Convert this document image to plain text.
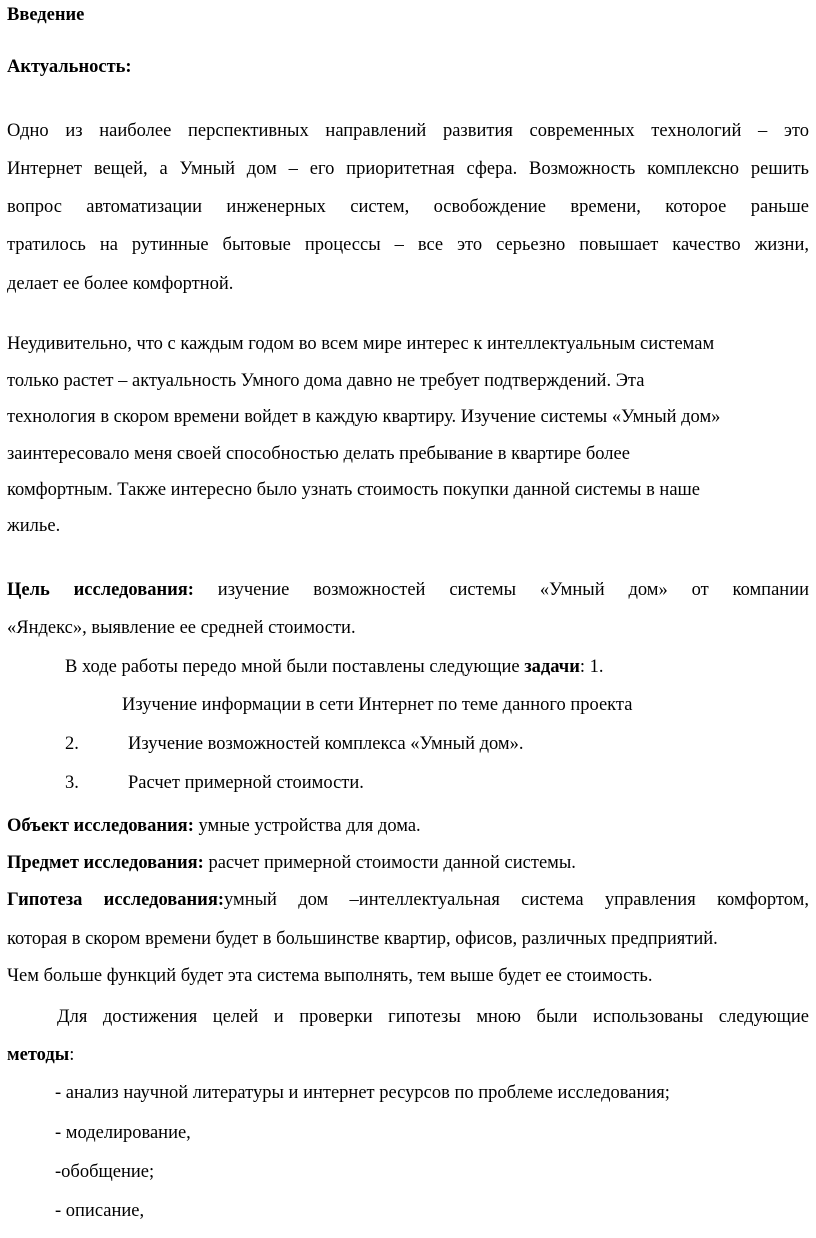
Введение
Актуальность:
Одно из наиболее перспективных направлений развития современных технологий – это
Интернет вещей, а Умный дом – его приоритетная сфера. Возможность комплексно решить
вопрос автоматизации инженерных систем, освобождение времени, которое раньше
тратилось на рутинные бытовые процессы – все это серьезно повышает качество жизни,
делает ее более комфортной.
Неудивительно, что с каждым годом во всем мире интерес к интеллектуальным системам
только растет – актуальность Умного дома давно не требует подтверждений. Эта
технология в скором времени войдет в каждую квартиру. Изучение системы «Умный дом»
заинтересовало меня своей способностью делать пребывание в квартире более
комфортным. Также интересно было узнать стоимость покупки данной системы в наше
жилье.
Цель исследования: изучение возможностей системы «Умный дом» от компании
«Яндекс», выявление ее средней стоимости.
В ходе работы передо мной были поставлены следующие задачи: 1.
Изучение информации в сети Интернет по теме данного проекта
2.	Изучение возможностей комплекса «Умный дом».
3.	Расчет примерной стоимости.
Объект исследования: умные устройства для дома.
Предмет исследования: расчет примерной стоимости данной системы.
Гипотеза исследования:умный дом –интеллектуальная система управления комфортом,
которая в скором времени будет в большинстве квартир, офисов, различных предприятий.
Чем больше функций будет эта система выполнять, тем выше будет ее стоимость.
Для достижения целей и проверки гипотезы мною были использованы следующие
методы:
- анализ научной литературы и интернет ресурсов по проблеме исследования;
- моделирование,
-обобщение;
- описание,
